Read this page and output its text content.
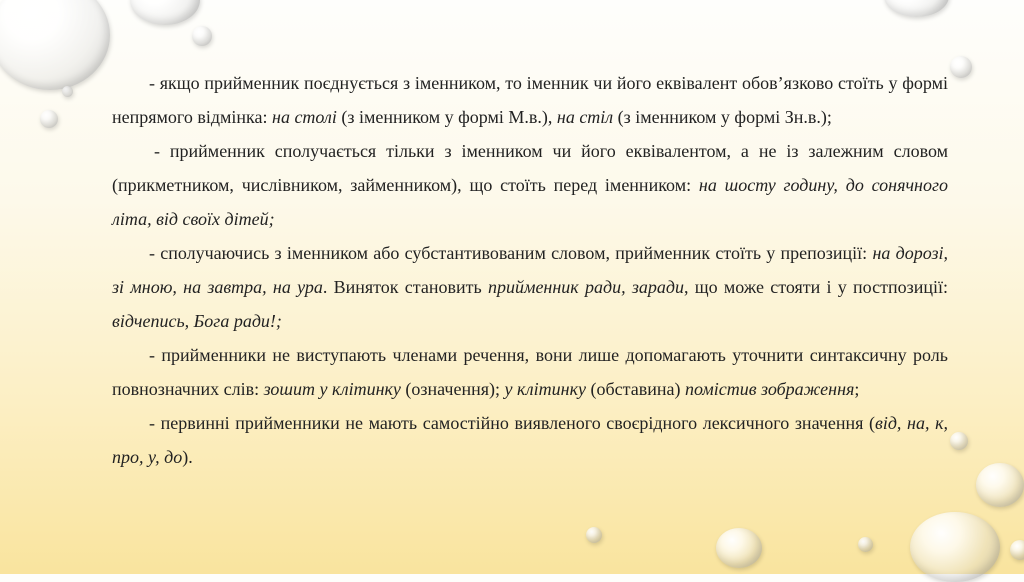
- якщо прийменник поєднується з іменником, то іменник чи його еквівалент обов’язково стоїть у формі непрямого відмінка: на столі (з іменником у формі М.в.), на стіл (з іменником у формі Зн.в.);

- прийменник сполучається тільки з іменником чи його еквівалентом, а не із залежним словом (прикметником, числівником, займенником), що стоїть перед іменником: на шосту годину, до сонячного літа, від своїх дітей;

- сполучаючись з іменником або субстантивованим словом, прийменник стоїть у препозиції: на дорозі, зі мною, на завтра, на ура. Виняток становить прийменник ради, заради, що може стояти і у постпозиції: відчепись, Бога ради!;

- прийменники не виступають членами речення, вони лише допомагають уточнити синтаксичну роль повнозначних слів: зошит у клітинку (означення); у клітинку (обставина) помістив зображення;

- первинні прийменники не мають самостійно виявленого своєрідного лексичного значення (від, на, к, про, у, до).
